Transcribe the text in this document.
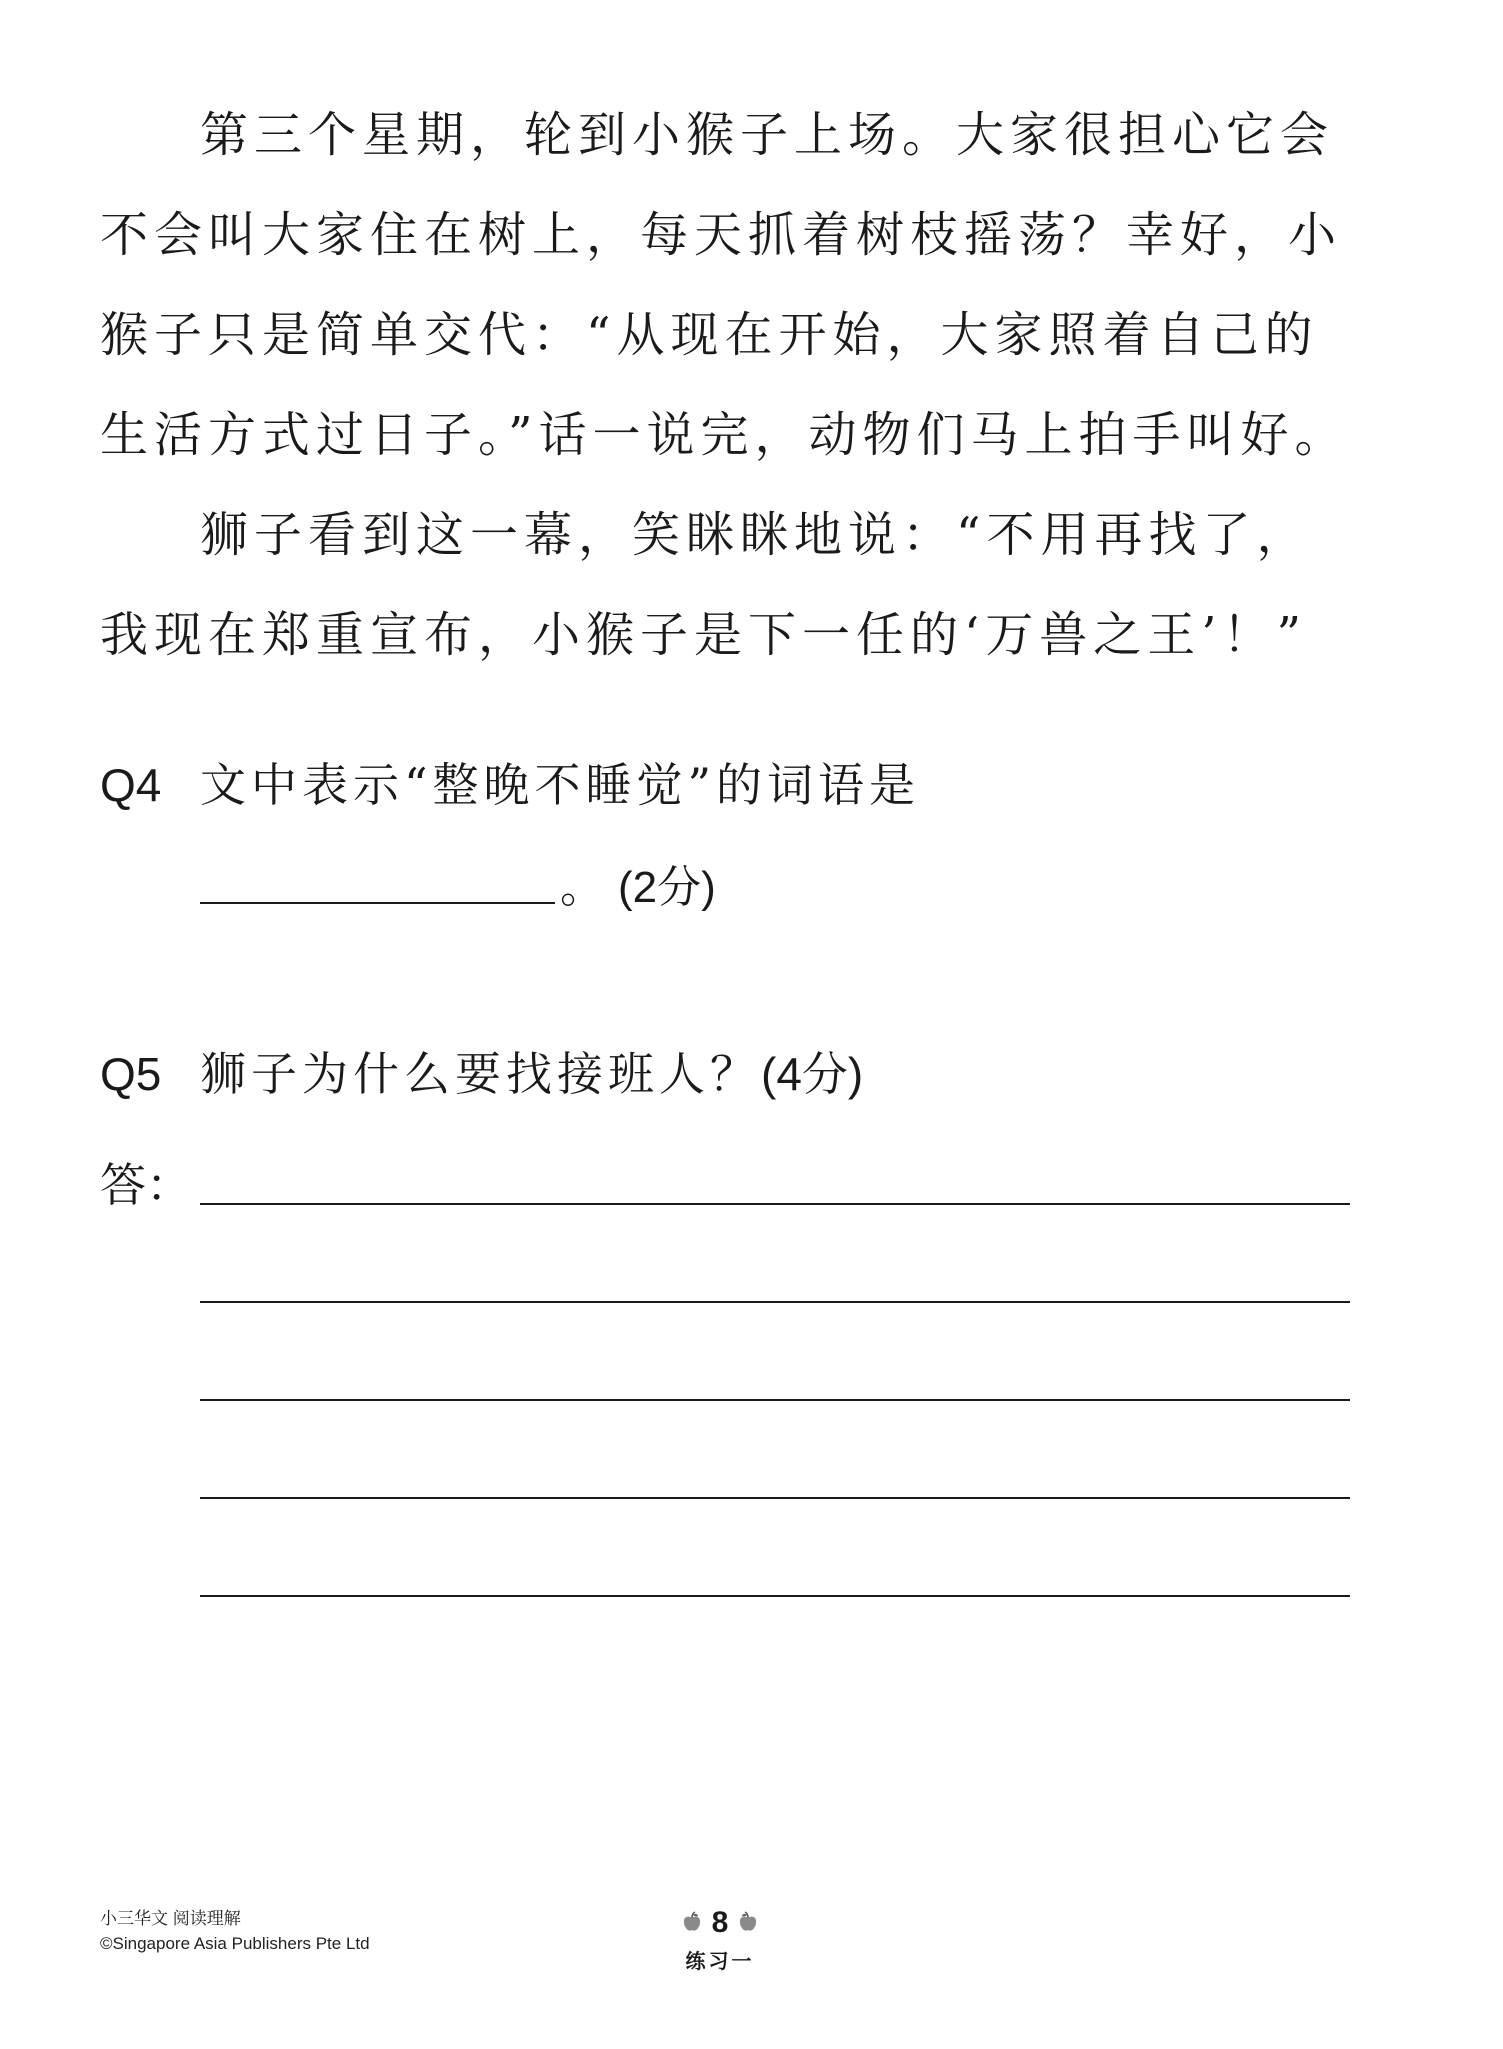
第三个星期，轮到小猴子上场。大家很担心它会不会叫大家住在树上，每天抓着树枝摇荡？幸好，小猴子只是简单交代：“从现在开始，大家照着自己的生活方式过日子。”话一说完，动物们马上拍手叫好。

狮子看到这一幕，笑眯眯地说：“不用再找了，我现在郑重宣布，小猴子是下一任的‘万兽之王’！”

Q4 文中表示“整晚不睡觉”的词语是
。 (2分)
Q5 狮子为什么要找接班人？(4分)
答：
小三华文 阅读理解
©Singapore Asia Publishers Pte Ltd
8
练习一
